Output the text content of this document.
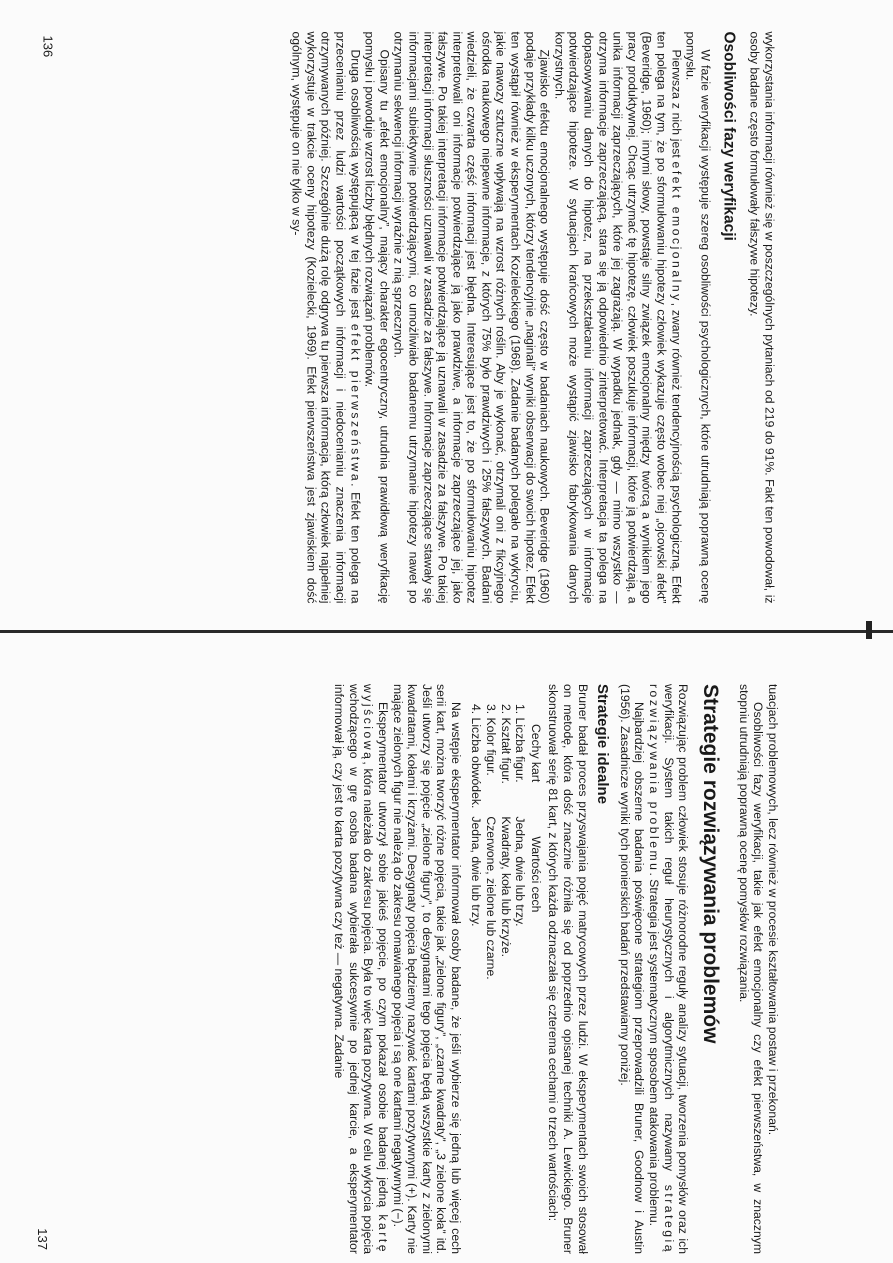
wykorzystania informacji również się w poszczególnych pytaniach od 219 do 91%. Fakt ten powodował, iż osoby badane często formułowały fałszywe hipotezy.

Osobliwości fazy weryfikacji

W fazie weryfikacji występuje szereg osobliwości psychologicznych, które utrudniają poprawną ocenę pomysłu.

Pierwsza z nich jest efekt emocjonalny, zwany również tendencyjnością psychologiczną. Efekt ten polega na tym, że po sformułowaniu hipotezy człowiek wykazuje często wobec niej „ojcowski afekt” (Beveridge, 1960); innymi słowy, powstaje silny związek emocjonalny między twórcą a wynikiem jego pracy produktywnej. Chcąc utrzymać tę hipotezę, człowiek poszukuje informacji, które ją potwierdzają, a unika informacji zaprzeczających, które jej zagrażają. W wypadku jednak, gdy — mimo wszystko — otrzyma informacje zaprzeczającą, stara się ją odpowiednio zinterpretować. Interpretacja ta polega na dopasowywaniu danych do hipotez, na przekształcaniu informacji zaprzeczających w informacje potwierdzające hipoteze. W sytuacjach krańcowych może wystąpić zjawisko fabrykowania danych korzystnych.

Zjawisko efektu emocjonalnego występuje dość często w badaniach naukowych. Beveridge (1960) podaje przykłady kilku uczonych, którzy tendencyjnie „naginali” wyniki obserwacji do swoich hipotez. Efekt ten wystąpił również w eksperymentach Kozieleckiego (1968). Zadanie badanych polegało na wykryciu, jakie nawozy sztuczne wpływają na wzrost różnych roślin. Aby je wykonać, otrzymali oni z fikcyjnego ośrodka naukowego niepewne informacje, z których 75% było prawdziwych i 25% fałszywych. Badani wiedzieli, że czwarta część informacji jest błędna. Interesujące jest to, że po sformułowaniu hipotez interpretowali oni informacje potwierdzające ją jako prawdziwe, a informacje zaprzeczające jej, jako fałszywe. Po takiej interpretacji informacje potwierdzające ją uznawali w zasadzie za fałszywe. Po takiej interpretacji informacji słuszności uznawali w zasadzie za fałszywe. Informacje zaprzeczające stawały się informacjami subiektywnie potwierdzającymi, co umożliwiało badanemu utrzymanie hipotezy nawet po otrzymaniu sekwencji informacji wyraźnie z nią sprzecznych.

Opisany tu „efekt emocjonalny”, mający charakter egocentryczny, utrudnia prawidłową weryfikację pomysłu i powoduje wzrost liczby błędnych rozwiązań problemów.

Druga osobliwością występującą w tej fazie jest efekt pierwszeństwa. Efekt ten polega na przecenianiu przez ludzi wartości początkowych informacji i niedocenianiu znaczenia informacji otrzymywanych później. Szczególnie dużą rolę odgrywa tu pierwsza informacja, którą człowiek najpełniej wykorzystuje w trakcie oceny hipotezy (Kozielecki, 1969). Efekt pierwszeństwa jest zjawiskiem dość ogólnym, występuje on nie tylko w sy-

136

tuacjach problemowych, lecz również w procesie kształtowania postaw i przekonań.

Osobliwości fazy weryfikacji, takie jak efekt emocjonalny czy efekt pierwszeństwa, w znacznym stopniu utrudniają poprawną ocenę pomysłów rozwiązania.

Strategie rozwiązywania problemów

Rozwiązując problem człowiek stosuje różnorodne reguły analizy sytuacji, tworzenia pomysłów oraz ich weryfikacji. System takich reguł heurystycznych i algorytmicznych nazywamy strategią rozwiązywania problemu. Strategia jest systematycznym sposobem atakowania problemu.

Najbardziej obszerne badania poświęcone strategiom przeprowadzili Bruner, Goodnow i Austin (1956). Zasadnicze wyniki tych pionierskich badań przedstawiamy poniżej.

Strategie idealne

Bruner badał proces przyswajania pojęć matrycowych przez ludzi. W eksperymentach swoich stosował on metodę, która dość znacznie różniła się od poprzednio opisanej techniki A. Lewickiego. Bruner skonstruował serię 81 kart, z których każda odznaczała się czterema cechami o trzech wartościach:

Cechy kart	Wartości cech
1. Liczba figur.	Jedna, dwie lub trzy.
2. Kształt figur.	Kwadraty, koła lub krzyże.
3. Kolor figur.	Czerwone, zielone lub czarne.
4. Liczba obwódek.	Jedna, dwie lub trzy.

Na wstępie eksperymentator informował osoby badane, że jeśli wybierze się jedną lub więcej cech serii kart, można tworzyć różne pojęcia, takie jak „zielone figury”, „czarne kwadraty”, „3 zielone koła” itd. Jeśli utworzy się pojęcie „zielone figury”, to desygnatami tego pojęcia będą wszystkie karty z zielonymi kwadratami, kołami i krzyżami. Desygnaty pojęcia będziemy nazywać kartami pozytywnymi (+). Karty nie mające zielonych figur nie należą do zakresu omawianego pojęcia i są one kartami negatywnymi (−).

Eksperymentator utworzył sobie jakieś pojęcie, po czym pokazał osobie badanej jedną kartę wyjściową, która należała do zakresu pojęcia. Była to więc karta pozytywna. W celu wykrycia pojęcia wchodzącego w grę osoba badana wybierała sukcesywnie po jednej karcie, a eksperymentator informował ją, czy jest to karta pozytywna czy też — negatywna. Zadanie

137
